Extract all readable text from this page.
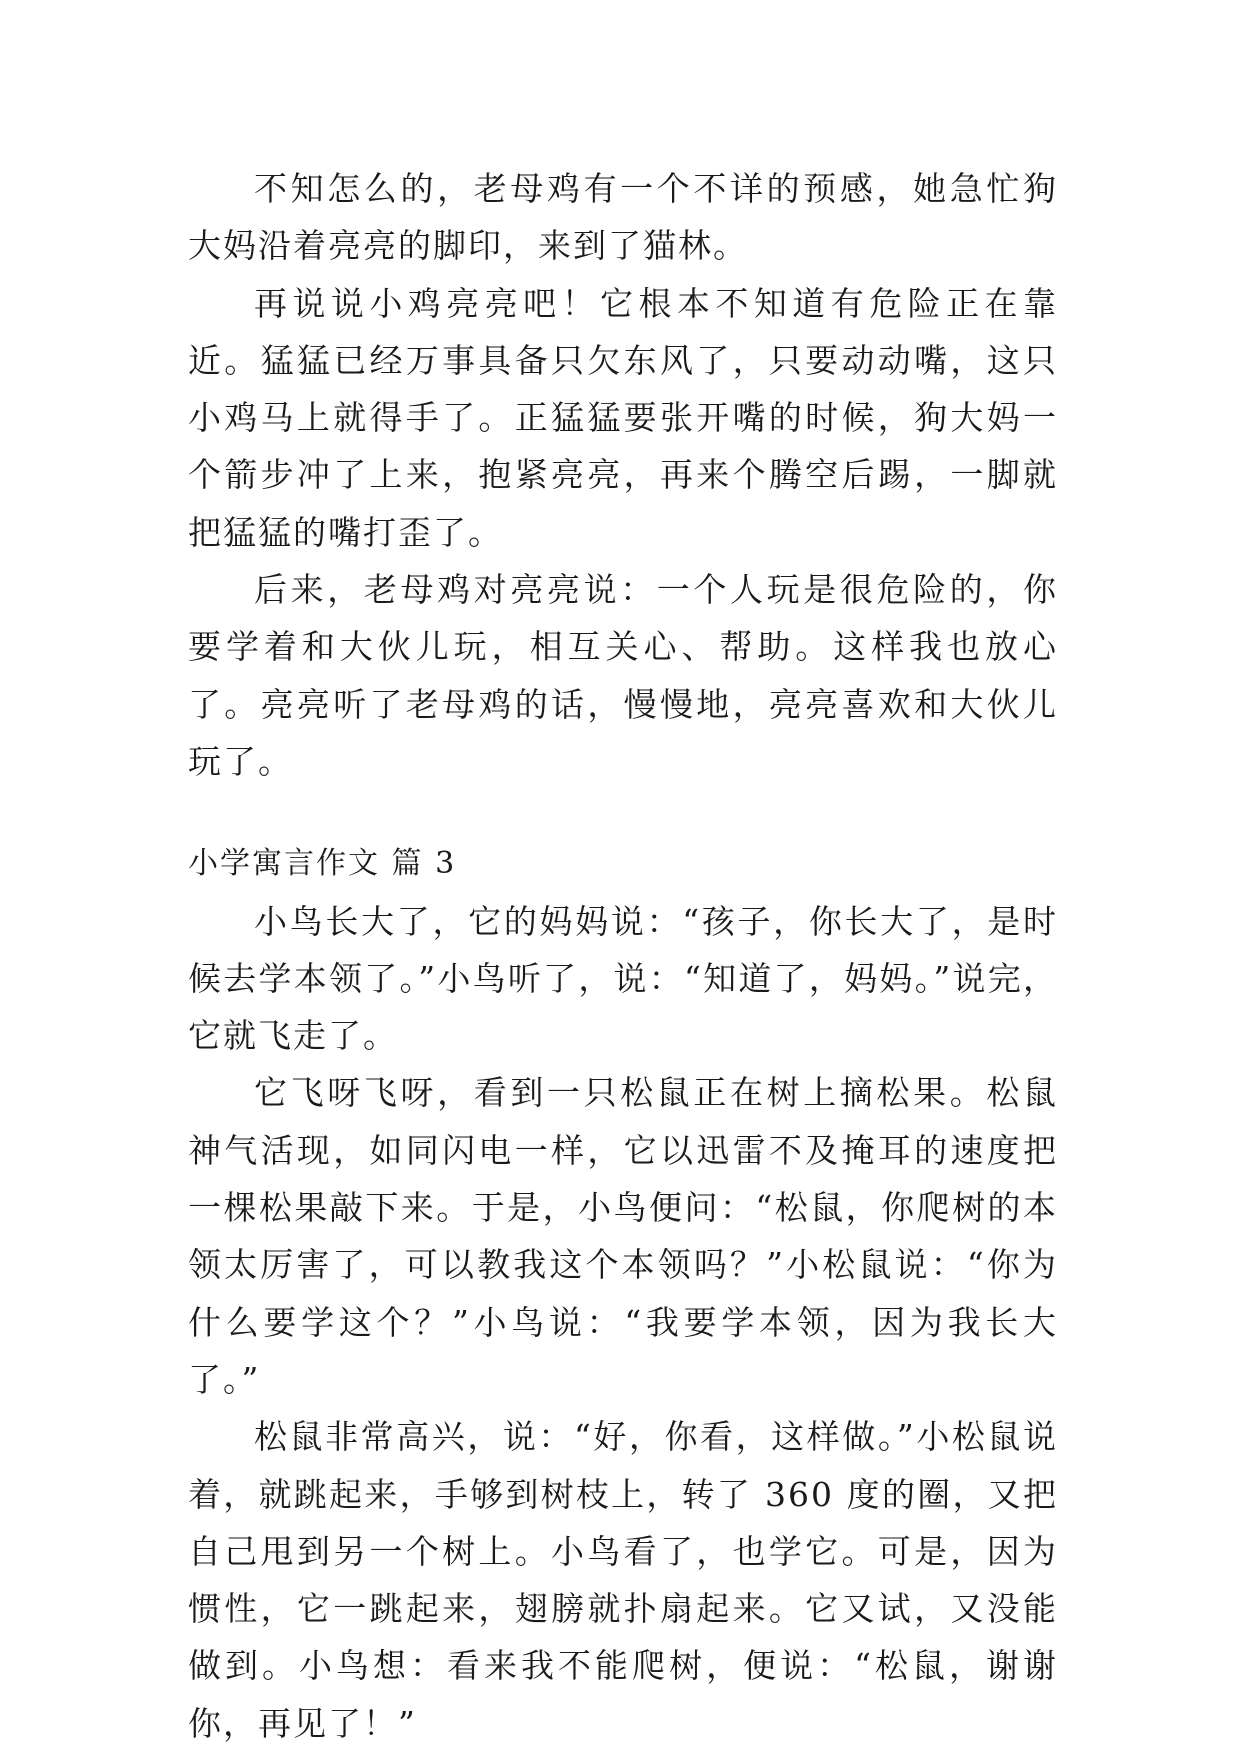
不知怎么的，老母鸡有一个不详的预感，她急忙狗大妈沿着亮亮的脚印，来到了猫林。

再说说小鸡亮亮吧！它根本不知道有危险正在靠近。猛猛已经万事具备只欠东风了，只要动动嘴，这只小鸡马上就得手了。正猛猛要张开嘴的时候，狗大妈一个箭步冲了上来，抱紧亮亮，再来个腾空后踢，一脚就把猛猛的嘴打歪了。

后来，老母鸡对亮亮说：一个人玩是很危险的，你要学着和大伙儿玩，相互关心、帮助。这样我也放心了。亮亮听了老母鸡的话，慢慢地，亮亮喜欢和大伙儿玩了。

小学寓言作文 篇 3

小鸟长大了，它的妈妈说：“孩子，你长大了，是时候去学本领了。”小鸟听了，说：“知道了，妈妈。”说完，它就飞走了。

它飞呀飞呀，看到一只松鼠正在树上摘松果。松鼠神气活现，如同闪电一样，它以迅雷不及掩耳的速度把一棵松果敲下来。于是，小鸟便问：“松鼠，你爬树的本领太厉害了，可以教我这个本领吗？”小松鼠说：“你为什么要学这个？”小鸟说：“我要学本领，因为我长大了。”

松鼠非常高兴，说：“好，你看，这样做。”小松鼠说着，就跳起来，手够到树枝上，转了 360 度的圈，又把自己甩到另一个树上。小鸟看了，也学它。可是，因为惯性，它一跳起来，翅膀就扑扇起来。它又试，又没能做到。小鸟想：看来我不能爬树，便说：“松鼠，谢谢你，再见了！”
